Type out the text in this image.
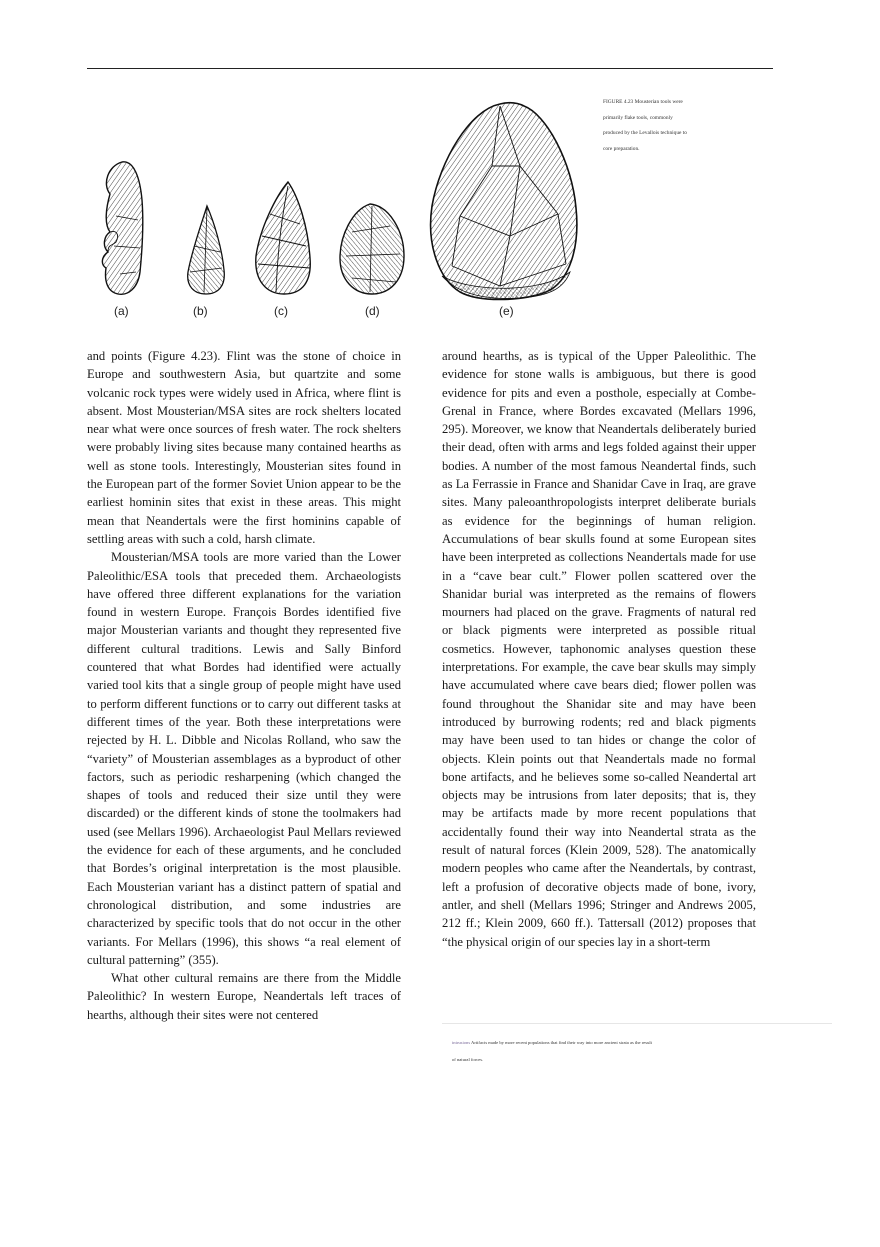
(a)	(b)	(c)	(d)	(e)
FIGURE 4.23 Mousterian tools were primarily flake tools, commonly produced by the Levallois technique to core preparation.

and points (Figure 4.23). Flint was the stone of choice in Europe and southwestern Asia, but quartzite and some volcanic rock types were widely used in Africa, where flint is absent. Most Mousterian/MSA sites are rock shelters located near what were once sources of fresh water. The rock shelters were probably living sites because many contained hearths as well as stone tools. Interestingly, Mousterian sites found in the European part of the former Soviet Union appear to be the earliest hominin sites that exist in these areas. This might mean that Neandertals were the first hominins capable of settling areas with such a cold, harsh climate.

Mousterian/MSA tools are more varied than the Lower Paleolithic/ESA tools that preceded them. Archaeologists have offered three different explanations for the variation found in western Europe. François Bordes identified five major Mousterian variants and thought they represented five different cultural traditions. Lewis and Sally Binford countered that what Bordes had identified were actually varied tool kits that a single group of people might have used to perform different functions or to carry out different tasks at different times of the year. Both these interpretations were rejected by H. L. Dibble and Nicolas Rolland, who saw the “variety” of Mousterian assemblages as a byproduct of other factors, such as periodic resharpening (which changed the shapes of tools and reduced their size until they were discarded) or the different kinds of stone the toolmakers had used (see Mellars 1996). Archaeologist Paul Mellars reviewed the evidence for each of these arguments, and he concluded that Bordes’s original interpretation is the most plausible. Each Mousterian variant has a distinct pattern of spatial and chronological distribution, and some industries are characterized by specific tools that do not occur in the other variants. For Mellars (1996), this shows “a real element of cultural patterning” (355).

What other cultural remains are there from the Middle Paleolithic? In western Europe, Neandertals left traces of hearths, although their sites were not centered

around hearths, as is typical of the Upper Paleolithic. The evidence for stone walls is ambiguous, but there is good evidence for pits and even a posthole, especially at Combe-Grenal in France, where Bordes excavated (Mellars 1996, 295). Moreover, we know that Neandertals deliberately buried their dead, often with arms and legs folded against their upper bodies. A number of the most famous Neandertal finds, such as La Ferrassie in France and Shanidar Cave in Iraq, are grave sites. Many paleoanthropologists interpret deliberate burials as evidence for the beginnings of human religion. Accumulations of bear skulls found at some European sites have been interpreted as collections Neandertals made for use in a “cave bear cult.” Flower pollen scattered over the Shanidar burial was interpreted as the remains of flowers mourners had placed on the grave. Fragments of natural red or black pigments were interpreted as possible ritual cosmetics. However, taphonomic analyses question these interpretations. For example, the cave bear skulls may simply have accumulated where cave bears died; flower pollen was found throughout the Shanidar site and may have been introduced by burrowing rodents; red and black pigments may have been used to tan hides or change the color of objects. Klein points out that Neandertals made no formal bone artifacts, and he believes some so-called Neandertal art objects may be intrusions from later deposits; that is, they may be artifacts made by more recent populations that accidentally found their way into Neandertal strata as the result of natural forces (Klein 2009, 528). The anatomically modern peoples who came after the Neandertals, by contrast, left a profusion of decorative objects made of bone, ivory, antler, and shell (Mellars 1996; Stringer and Andrews 2005, 212 ff.; Klein 2009, 660 ff.). Tattersall (2012) proposes that “the physical origin of our species lay in a short-term

intrusions Artifacts made by more recent populations that find their way into more ancient strata as the result of natural forces.
